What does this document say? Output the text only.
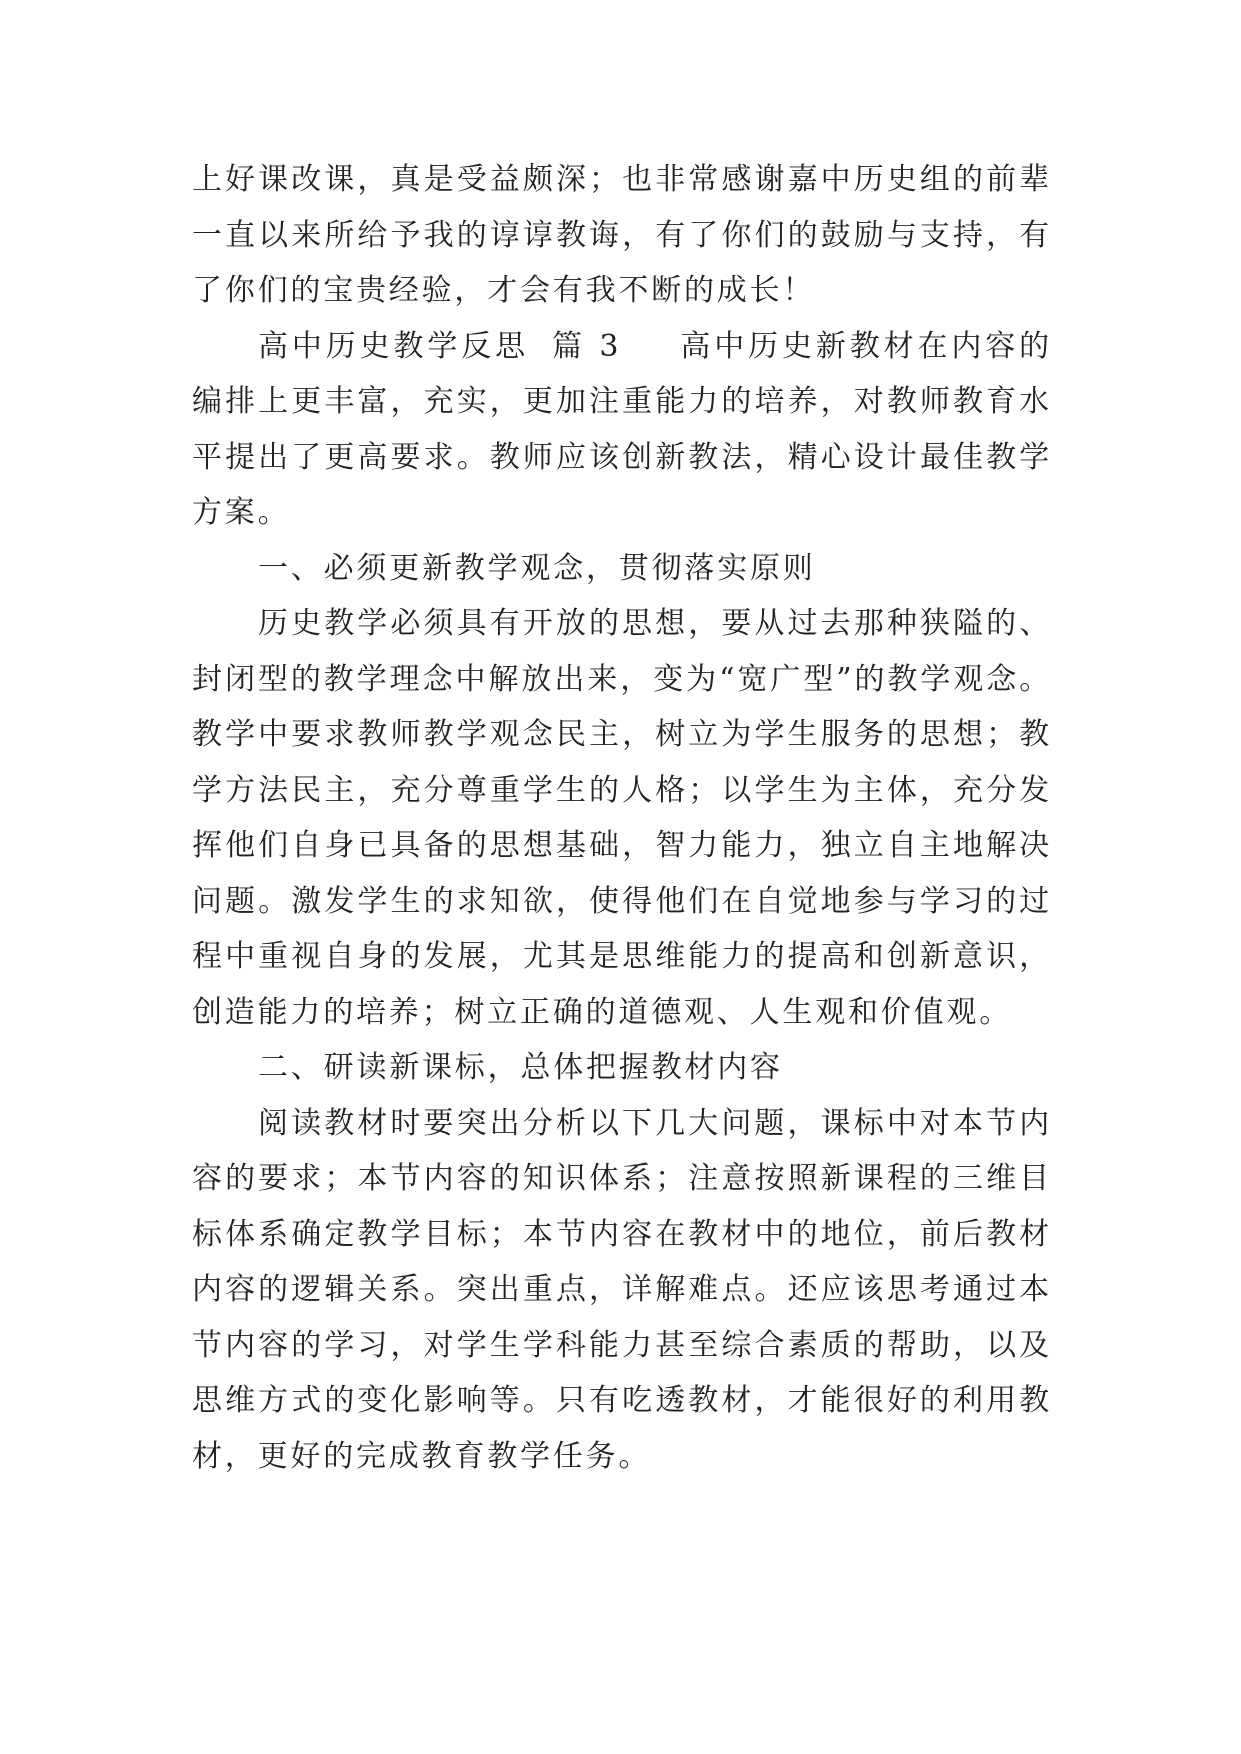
上好课改课，真是受益颇深；也非常感谢嘉中历史组的前辈一直以来所给予我的谆谆教诲，有了你们的鼓励与支持，有了你们的宝贵经验，才会有我不断的成长！

高中历史教学反思 篇 3 高中历史新教材在内容的编排上更丰富，充实，更加注重能力的培养，对教师教育水平提出了更高要求。教师应该创新教法，精心设计最佳教学方案。

一、必须更新教学观念，贯彻落实原则

历史教学必须具有开放的思想，要从过去那种狭隘的、封闭型的教学理念中解放出来，变为“宽广型”的教学观念。教学中要求教师教学观念民主，树立为学生服务的思想；教学方法民主，充分尊重学生的人格；以学生为主体，充分发挥他们自身已具备的思想基础，智力能力，独立自主地解决问题。激发学生的求知欲，使得他们在自觉地参与学习的过程中重视自身的发展，尤其是思维能力的提高和创新意识，创造能力的培养；树立正确的道德观、人生观和价值观。

二、研读新课标，总体把握教材内容

阅读教材时要突出分析以下几大问题，课标中对本节内容的要求；本节内容的知识体系；注意按照新课程的三维目标体系确定教学目标；本节内容在教材中的地位，前后教材内容的逻辑关系。突出重点，详解难点。还应该思考通过本节内容的学习，对学生学科能力甚至综合素质的帮助，以及思维方式的变化影响等。只有吃透教材，才能很好的利用教材，更好的完成教育教学任务。
